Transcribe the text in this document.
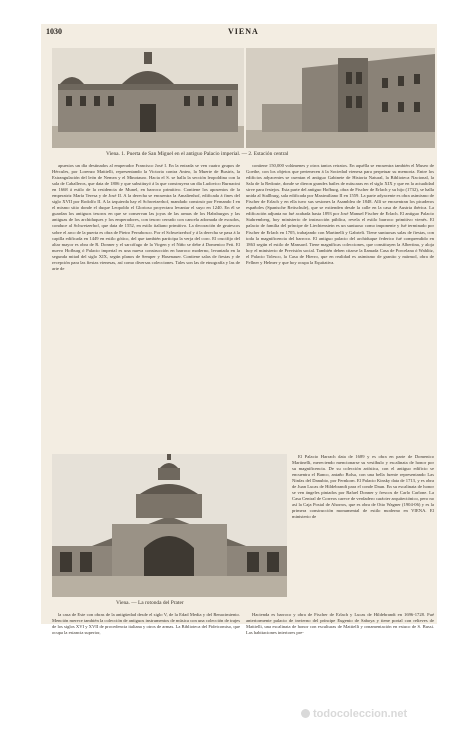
1030	VIENA
Viena. 1. Puerta de San Miguel en el antiguo Palacio imperial. — 2. Estación central

apuestos un día destinados al emperador Francisco José I. En la entrada se ven cuatro grupos de Hércules, por Lorenzo Mattielli, representando la Victoria contra Anteo, la Muerte de Busiris, la Estrangulación del león de Nemea y el Minotauro. Hacia el S. se halla la sección leopoldina con la sala de Caballeros, que data de 1806 y que substituyó á la que construyera un día Ludovico Burnacini en 1668 á estilo de la residencia de Munel, en barroco primitivo. Contiene los aposentos de la emperatriz María Teresa y de José II. A la derecha se encuentra la Amalienhof, edificada á fines del siglo XVII por Rodolfo II. A la izquierda hay el Schweizerhof, mandado construir por Fernando I en el mismo sitio donde el duque Leopoldo el Glorioso proyectara levantar el suyo en 1240. En él se guardan los antiguos tesoros en que se conservan las joyas de las armas de los Habsburgos y las antiguas de los archiduques y los emperadores, con tesoro cerrado con cancela adornada de escudos, conduce al Schweizerhof, que data de 1552, en estilo italiano primitivo. La decoración de grutescos sobre el arco de la puerta es obra de Pietro Ferrabosco. Por el Schweizerhof y á la derecha se pasa á la capilla edificada en 1449 en estilo gótico, del que también participa la verja del coro. El crucifijo del altar mayor es obra de R. Donner y el sarcófago de la Virgen y el Niño se debe á Domenico Feti. El nuevo Hofburg ó Palacio imperial es una nueva construcción en barroco moderno, levantada en la segunda mitad del siglo XIX, según planos de Semper y Hasenauer. Contiene salas de fiestas y de recepción para las fiestas vienesas, así como diversas colecciones. Tales son las de etnografía y las de arte de

contiene 150,000 volúmenes y otros tantos retratos. En aquélla se encuentra también el Museo de Goethe, con los objetos que pertenecen á la Sociedad vienesa para perpetuar su memoria. Entre los edificios adyacentes se cuentan el antiguo Gabinete de Historia Natural, la Biblioteca Nacional, la Sala de la Redoute, donde se dieron grandes bailes de máscaras en el siglo XIX y que en la actualidad sirve para festejos. Esta parte del antiguo Hofburg, obra de Fischer de Erlach y su hijo (1732), se halla unida al Stallburg, sala edificada por Maximiliano II en 1559. La parte adyacente es obra asimismo de Fischer de Erlach y en ella tuvo sus sesiones la Asamblea de 1848. Allí se encuentran los picaderos españoles (Spanische Reitschule), que se extienden desde la calle en la casa de Austria ibérica. La edificación adjunta no fué acabada hasta 1893 por José Manuel Fischer de Erlach. El antiguo Palacio Stahremberg, hoy ministerio de instrucción pública, revela el estilo barroco primitivo vienés. El palacio de familia del príncipe de Liechtenstein es un suntuoso como imponente y fué terminado por Fischer de Erlach en 1705, trabajando con Martinelli y Gabrieli. Tiene suntuosas salas de fiestas, con toda la magnificencia del barroco. El antiguo palacio del archiduque federico fué comprendido en 1863 según el estilo de Mansard. Tiene magníficas colecciones, que constituyen la Albertina, y aloja hoy el ministerio de Previsión social. También deben citarse la llamada Casa de Porcelana ó Wahlitz, el Palacio Tolesco, la Casa de Hierro, que en realidad es asimismo de granito y mármol, obra de Fellner y Helmer y que hoy ocupa la Equitativa.

Viena. — La rotonda del Prater

El Palacio Harrach data de 1689 y es obra en parte de Domenico Martinelli, mereciendo mencionarse su vestíbulo y escalinata de honor por su magnificencia. De su colección artística, con el antiguo edificio se encuentra el Banco, antaño Bolsa, con una bella fuente representando Las Ninfas del Danubio, por Fernkorn. El Palacio Kinsky data de 1713, y es obra de Juan Lucas de Hildebrandt para el conde Daun. En su escalinata de honor se ven ángeles pintados por Rafael Donner y frescos de Carlo Carlone. La Casa Central de Correos carece de verdadero carácter arquitectónico, pero no así la Caja Postal de Ahorros, que es obra de Otto Wagner (1904-06) y es la primera construcción monumental de estilo moderno en VIENA. El ministerio de

la casa de Este con obras de la antigüedad desde el siglo V, de la Edad Media y del Renacimiento. Mención merece también la colección de antiguos instrumentos de música con una colección de trajes de los siglos XVI y XVII de procedencia italiana y otros de armas. La Biblioteca del Fideicomiso, que ocupa la estancia superior,

Hacienda es barroco y obra de Fischer de Erlach y Lucas de Hildebrandt en 1696-1728. Fué anteriormente palacio de invierno del príncipe Eugenio de Saboya y tiene portal con relieves de Mattielli, una escalinata de honor con esculturas de Mattielli y ornamentación en estuco de S. Bussi. Las habitaciones interiores pre-

todocoleccion.net
